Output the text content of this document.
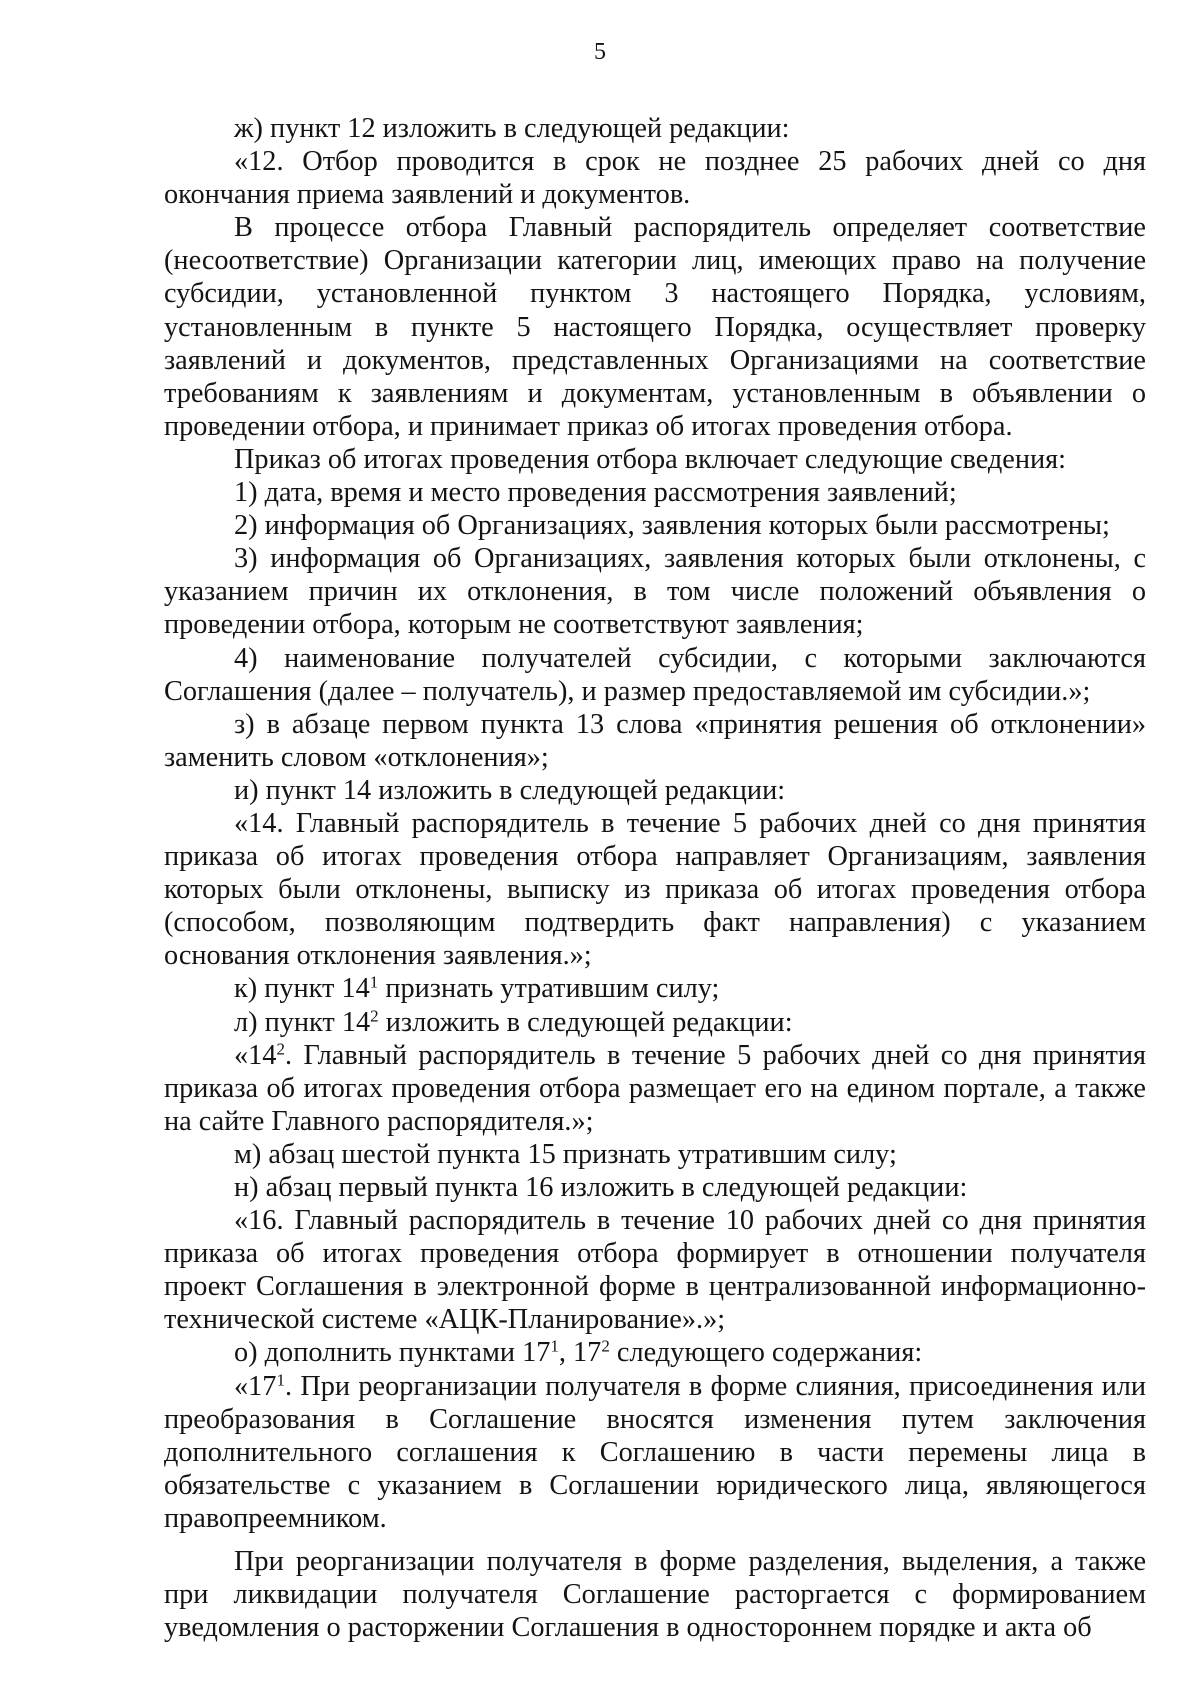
5

ж) пункт 12 изложить в следующей редакции:

«12. Отбор проводится в срок не позднее 25 рабочих дней со дня окончания приема заявлений и документов.

В процессе отбора Главный распорядитель определяет соответствие (несоответствие) Организации категории лиц, имеющих право на получение субсидии, установленной пунктом 3 настоящего Порядка, условиям, установленным в пункте 5 настоящего Порядка, осуществляет проверку заявлений и документов, представленных Организациями на соответствие требованиям к заявлениям и документам, установленным в объявлении о проведении отбора, и принимает приказ об итогах проведения отбора.

Приказ об итогах проведения отбора включает следующие сведения:

1) дата, время и место проведения рассмотрения заявлений;

2) информация об Организациях, заявления которых были рассмотрены;

3) информация об Организациях, заявления которых были отклонены, с указанием причин их отклонения, в том числе положений объявления о проведении отбора, которым не соответствуют заявления;

4) наименование получателей субсидии, с которыми заключаются Соглашения (далее – получатель), и размер предоставляемой им субсидии.»;

з) в абзаце первом пункта 13 слова «принятия решения об отклонении» заменить словом «отклонения»;

и) пункт 14 изложить в следующей редакции:

«14. Главный распорядитель в течение 5 рабочих дней со дня принятия приказа об итогах проведения отбора направляет Организациям, заявления которых были отклонены, выписку из приказа об итогах проведения отбора (способом, позволяющим подтвердить факт направления) с указанием основания отклонения заявления.»;

к) пункт $14^1$ признать утратившим силу;

л) пункт $14^2$ изложить в следующей редакции:

«$14^2$. Главный распорядитель в течение 5 рабочих дней со дня принятия приказа об итогах проведения отбора размещает его на едином портале, а также на сайте Главного распорядителя.»;

м) абзац шестой пункта 15 признать утратившим силу;

н) абзац первый пункта 16 изложить в следующей редакции:

«16. Главный распорядитель в течение 10 рабочих дней со дня принятия приказа об итогах проведения отбора формирует в отношении получателя проект Соглашения в электронной форме в централизованной информационно-технической системе «АЦК-Планирование».»;

о) дополнить пунктами $17^1$, $17^2$ следующего содержания:

«$17^1$. При реорганизации получателя в форме слияния, присоединения или преобразования в Соглашение вносятся изменения путем заключения дополнительного соглашения к Соглашению в части перемены лица в обязательстве с указанием в Соглашении юридического лица, являющегося правопреемником.

При реорганизации получателя в форме разделения, выделения, а также при ликвидации получателя Соглашение расторгается с формированием уведомления о расторжении Соглашения в одностороннем порядке и акта об
